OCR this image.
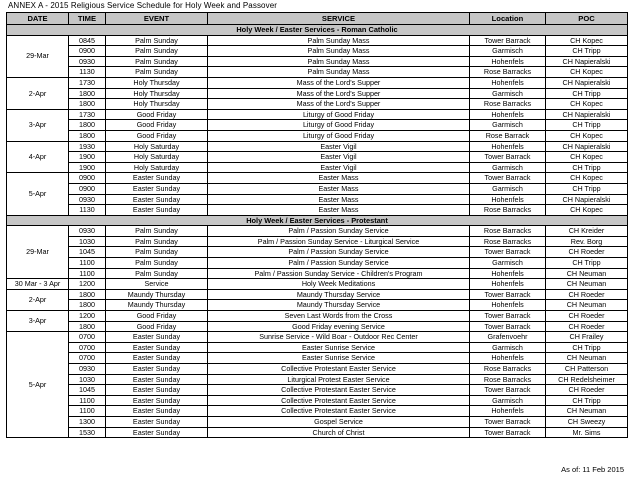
ANNEX A - 2015 Religious Service Schedule for Holy Week and Passover
DATE	TIME	EVENT	SERVICE	Location	POC
Holy Week / Easter Services - Roman Catholic					
29-Mar	0845	Palm Sunday	Palm Sunday Mass	Tower Barrack	CH Kopec
	0900	Palm Sunday	Palm Sunday Mass	Garmisch	CH Tripp
	0930	Palm Sunday	Palm Sunday Mass	Hohenfels	CH Napieralski
	1130	Palm Sunday	Palm Sunday Mass	Rose Barracks	CH Kopec
2-Apr	1730	Holy Thursday	Mass of the Lord's Supper	Hohenfels	CH Napieralski
	1800	Holy Thursday	Mass of the Lord's Supper	Garmisch	CH Tripp
	1800	Holy Thursday	Mass of the Lord's Supper	Rose Barracks	CH Kopec
3-Apr	1730	Good Friday	Liturgy of Good Friday	Hohenfels	CH Napieralski
	1800	Good Friday	Liturgy of Good Friday	Garmisch	CH Tripp
	1800	Good Friday	Liturgy of Good Friday	Rose Barrack	CH Kopec
4-Apr	1930	Holy Saturday	Easter Vigil	Hohenfels	CH Napieralski
	1900	Holy Saturday	Easter Vigil	Tower Barrack	CH Kopec
	1900	Holy Saturday	Easter Vigil	Garmisch	CH Tripp
5-Apr	0900	Easter Sunday	Easter Mass	Tower Barrack	CH Kopec
	0900	Easter Sunday	Easter Mass	Garmisch	CH Tripp
	0930	Easter Sunday	Easter Mass	Hohenfels	CH Napieralski
	1130	Easter Sunday	Easter Mass	Rose Barracks	CH Kopec
Holy Week / Easter Services - Protestant					
29-Mar	0930	Palm Sunday	Palm / Passion Sunday Service	Rose Barracks	CH Kreider
	1030	Palm Sunday	Palm / Passion Sunday Service - Liturgical Service	Rose Barracks	Rev. Borg
	1045	Palm Sunday	Palm / Passion Sunday Service	Tower Barrack	CH Roeder
	1100	Palm Sunday	Palm / Passion Sunday Service	Garmisch	CH Tripp
	1100	Palm Sunday	Palm / Passion Sunday Service - Children's Program	Hohenfels	CH Neuman
30 Mar - 3 Apr	1200	Service	Holy Week Meditations	Hohenfels	CH Neuman
2-Apr	1800	Maundy Thursday	Maundy Thursday Service	Tower Barrack	CH Roeder
	1800	Maundy Thursday	Maundy Thursday Service	Hohenfels	CH Neuman
3-Apr	1200	Good Friday	Seven Last Words from the Cross	Tower Barrack	CH Roeder
	1800	Good Friday	Good Friday evening Service	Tower Barrack	CH Roeder
5-Apr	0700	Easter Sunday	Sunrise Service - Wild Boar - Outdoor Rec Center	Grafenvoehr	CH Frailey
	0700	Easter Sunday	Easter Sunrise Service	Garmisch	CH Tripp
	0700	Easter Sunday	Easter Sunrise Service	Hohenfels	CH Neuman
	0930	Easter Sunday	Collective Protestant Easter Service	Rose Barracks	CH Patterson
	1030	Easter Sunday	Liturgical Protest Easter Service	Rose Barracks	CH Redelsheimer
	1045	Easter Sunday	Collective Protestant Easter Service	Tower Barrack	CH Roeder
	1100	Easter Sunday	Collective Protestant Easter Service	Garmisch	CH Tripp
	1100	Easter Sunday	Collective Protestant Easter Service	Hohenfels	CH Neuman
	1300	Easter Sunday	Gospel Service	Tower Barrack	CH Sweezy
	1530	Easter Sunday	Church of Christ	Tower Barrack	Mr. Sims
As of: 11 Feb 2015
